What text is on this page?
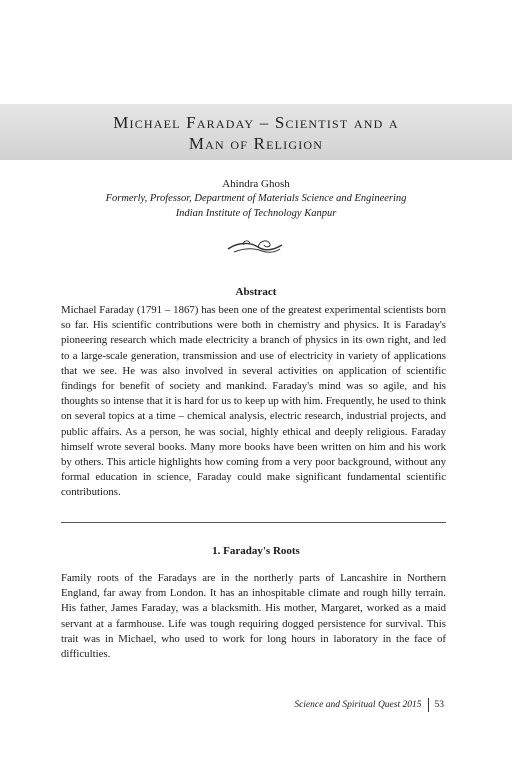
Michael Faraday – Scientist and a
Man of Religion
Ahindra Ghosh
Formerly, Professor, Department of Materials Science and Engineering
Indian Institute of Technology Kanpur
Abstract

Michael Faraday (1791 – 1867) has been one of the greatest experimental scientists born so far. His scientific contributions were both in chemistry and physics. It is Faraday's pioneering research which made electricity a branch of physics in its own right, and led to a large-scale generation, transmission and use of electricity in variety of applications that we see. He was also involved in several activities on application of scientific findings for benefit of society and mankind. Faraday's mind was so agile, and his thoughts so intense that it is hard for us to keep up with him. Frequently, he used to think on several topics at a time – chemical analysis, electric research, industrial projects, and public affairs. As a person, he was social, highly ethical and deeply religious. Faraday himself wrote several books. Many more books have been written on him and his work by others. This article highlights how coming from a very poor background, without any formal education in science, Faraday could make significant fundamental scientific contributions.

1. Faraday's Roots

Family roots of the Faradays are in the northerly parts of Lancashire in Northern England, far away from London. It has an inhospitable climate and rough hilly terrain. His father, James Faraday, was a blacksmith. His mother, Margaret, worked as a maid servant at a farmhouse. Life was tough requiring dogged persistence for survival. This trait was in Michael, who used to work for long hours in laboratory in the face of difficulties.

Science and Spiritual Quest 2015 53
